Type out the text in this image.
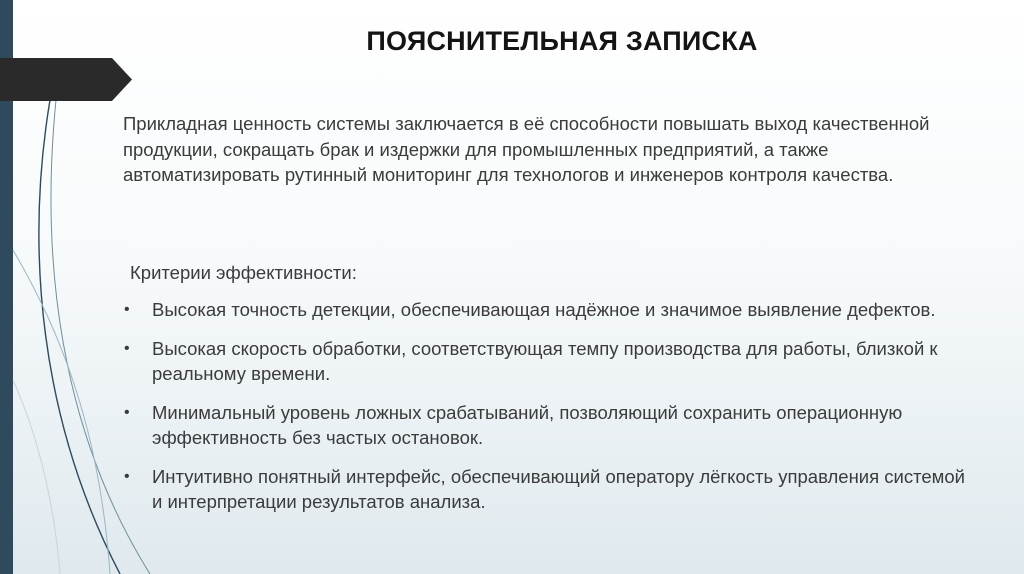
ПОЯСНИТЕЛЬНАЯ ЗАПИСКА
Прикладная ценность системы заключается в её способности повышать выход качественной продукции, сокращать брак и издержки для промышленных предприятий, а также автоматизировать рутинный мониторинг для технологов и инженеров контроля качества.
Критерии эффективности:
• Высокая точность детекции, обеспечивающая надёжное и значимое выявление дефектов.
• Высокая скорость обработки, соответствующая темпу производства для работы, близкой к реальному времени.
• Минимальный уровень ложных срабатываний, позволяющий сохранить операционную эффективность без частых остановок.
• Интуитивно понятный интерфейс, обеспечивающий оператору лёгкость управления системой и интерпретации результатов анализа.
